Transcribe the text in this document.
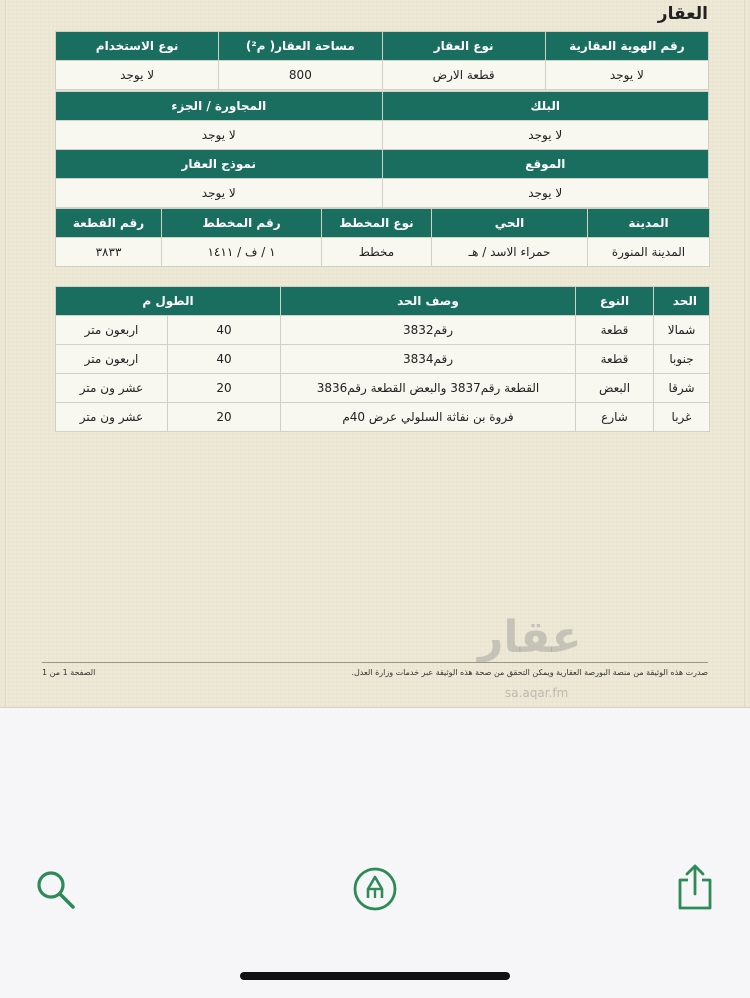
العقار
رقم الهوية العقارية	نوع العقار	مساحة العقار( م²)	نوع الاستخدام
لا يوجد	قطعة الارض	800	لا يوجد
البلك	المجاورة / الجزء
لا يوجد	لا يوجد
الموقع	نموذج العقار
لا يوجد	لا يوجد
المدينة	الحي	نوع المخطط	رقم المخطط	رقم القطعة
المدينة المنورة	حمراء الاسد / هـ	مخطط	١ / ف / ١٤١١	٣٨٣٣
الحد	النوع	وصف الحد	الطول م	
شمالا	قطعة	رقم3832	40	اربعون متر
جنوبا	قطعة	رقم3834	40	اربعون متر
شرقا	البعض	القطعة رقم3837 والبعض القطعة رقم3836	20	عشر ون متر
غربا	شارع	فروة بن نفاثة السلولي عرض 40م	20	عشر ون متر
عقار
sa.aqar.fm
صدرت هذه الوثيقة من منصة البورصة العقارية ويمكن التحقق من صحة هذه الوثيقة عبر خدمات وزارة العدل.
الصفحة 1 من 1
